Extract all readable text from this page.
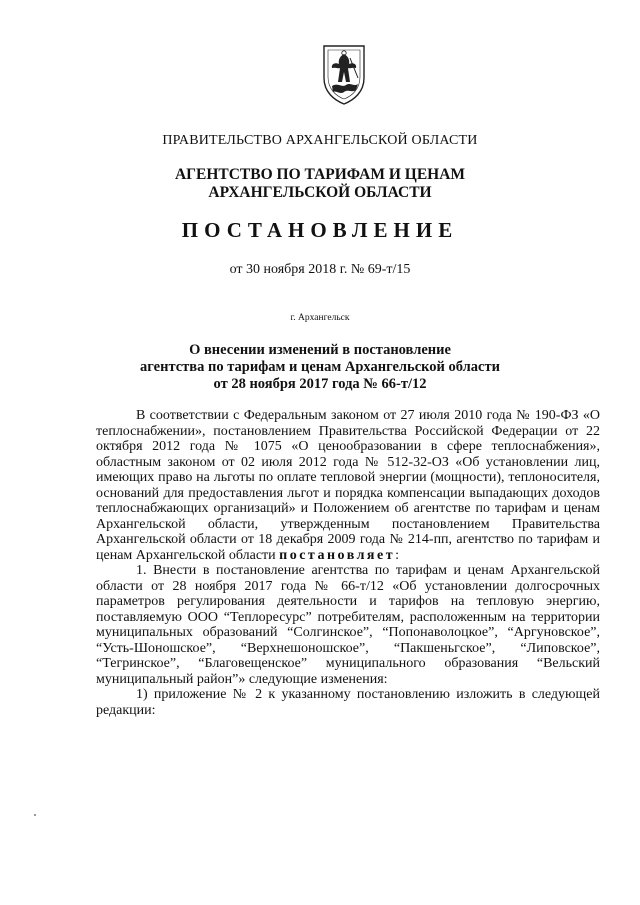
ПРАВИТЕЛЬСТВО АРХАНГЕЛЬСКОЙ ОБЛАСТИ
АГЕНТСТВО ПО ТАРИФАМ И ЦЕНАМ
АРХАНГЕЛЬСКОЙ ОБЛАСТИ
ПОСТАНОВЛЕНИЕ
от 30 ноября 2018 г. № 69-т/15
г. Архангельск
О внесении изменений в постановление
агентства по тарифам и ценам Архангельской области
от 28 ноября 2017 года № 66-т/12

В соответствии с Федеральным законом от 27 июля 2010 года № 190-ФЗ «О теплоснабжении», постановлением Правительства Российской Федерации от 22 октября 2012 года № 1075 «О ценообразовании в сфере теплоснабжения», областным законом от 02 июля 2012 года № 512-32-ОЗ «Об установлении лиц, имеющих право на льготы по оплате тепловой энергии (мощности), теплоносителя, оснований для предоставления льгот и порядка компенсации выпадающих доходов теплоснабжающих организаций» и Положением об агентстве по тарифам и ценам Архангельской области, утвержденным постановлением Правительства Архангельской области от 18 декабря 2009 года № 214-пп, агентство по тарифам и ценам Архангельской области постановляет:

1. Внести в постановление агентства по тарифам и ценам Архангельской области от 28 ноября 2017 года № 66-т/12 «Об установлении долгосрочных параметров регулирования деятельности и тарифов на тепловую энергию, поставляемую ООО “Теплоресурс” потребителям, расположенным на территории муниципальных образований “Солгинское”, “Попонаволоцкое”, “Аргуновское”, “Усть-Шоношское”, “Верхнешоношское”, “Пакшеньгское”, “Липовское”, “Тегринское”, “Благовещенское” муниципального образования “Вельский муниципальный район”» следующие изменения:

1) приложение № 2 к указанному постановлению изложить в следующей редакции:
